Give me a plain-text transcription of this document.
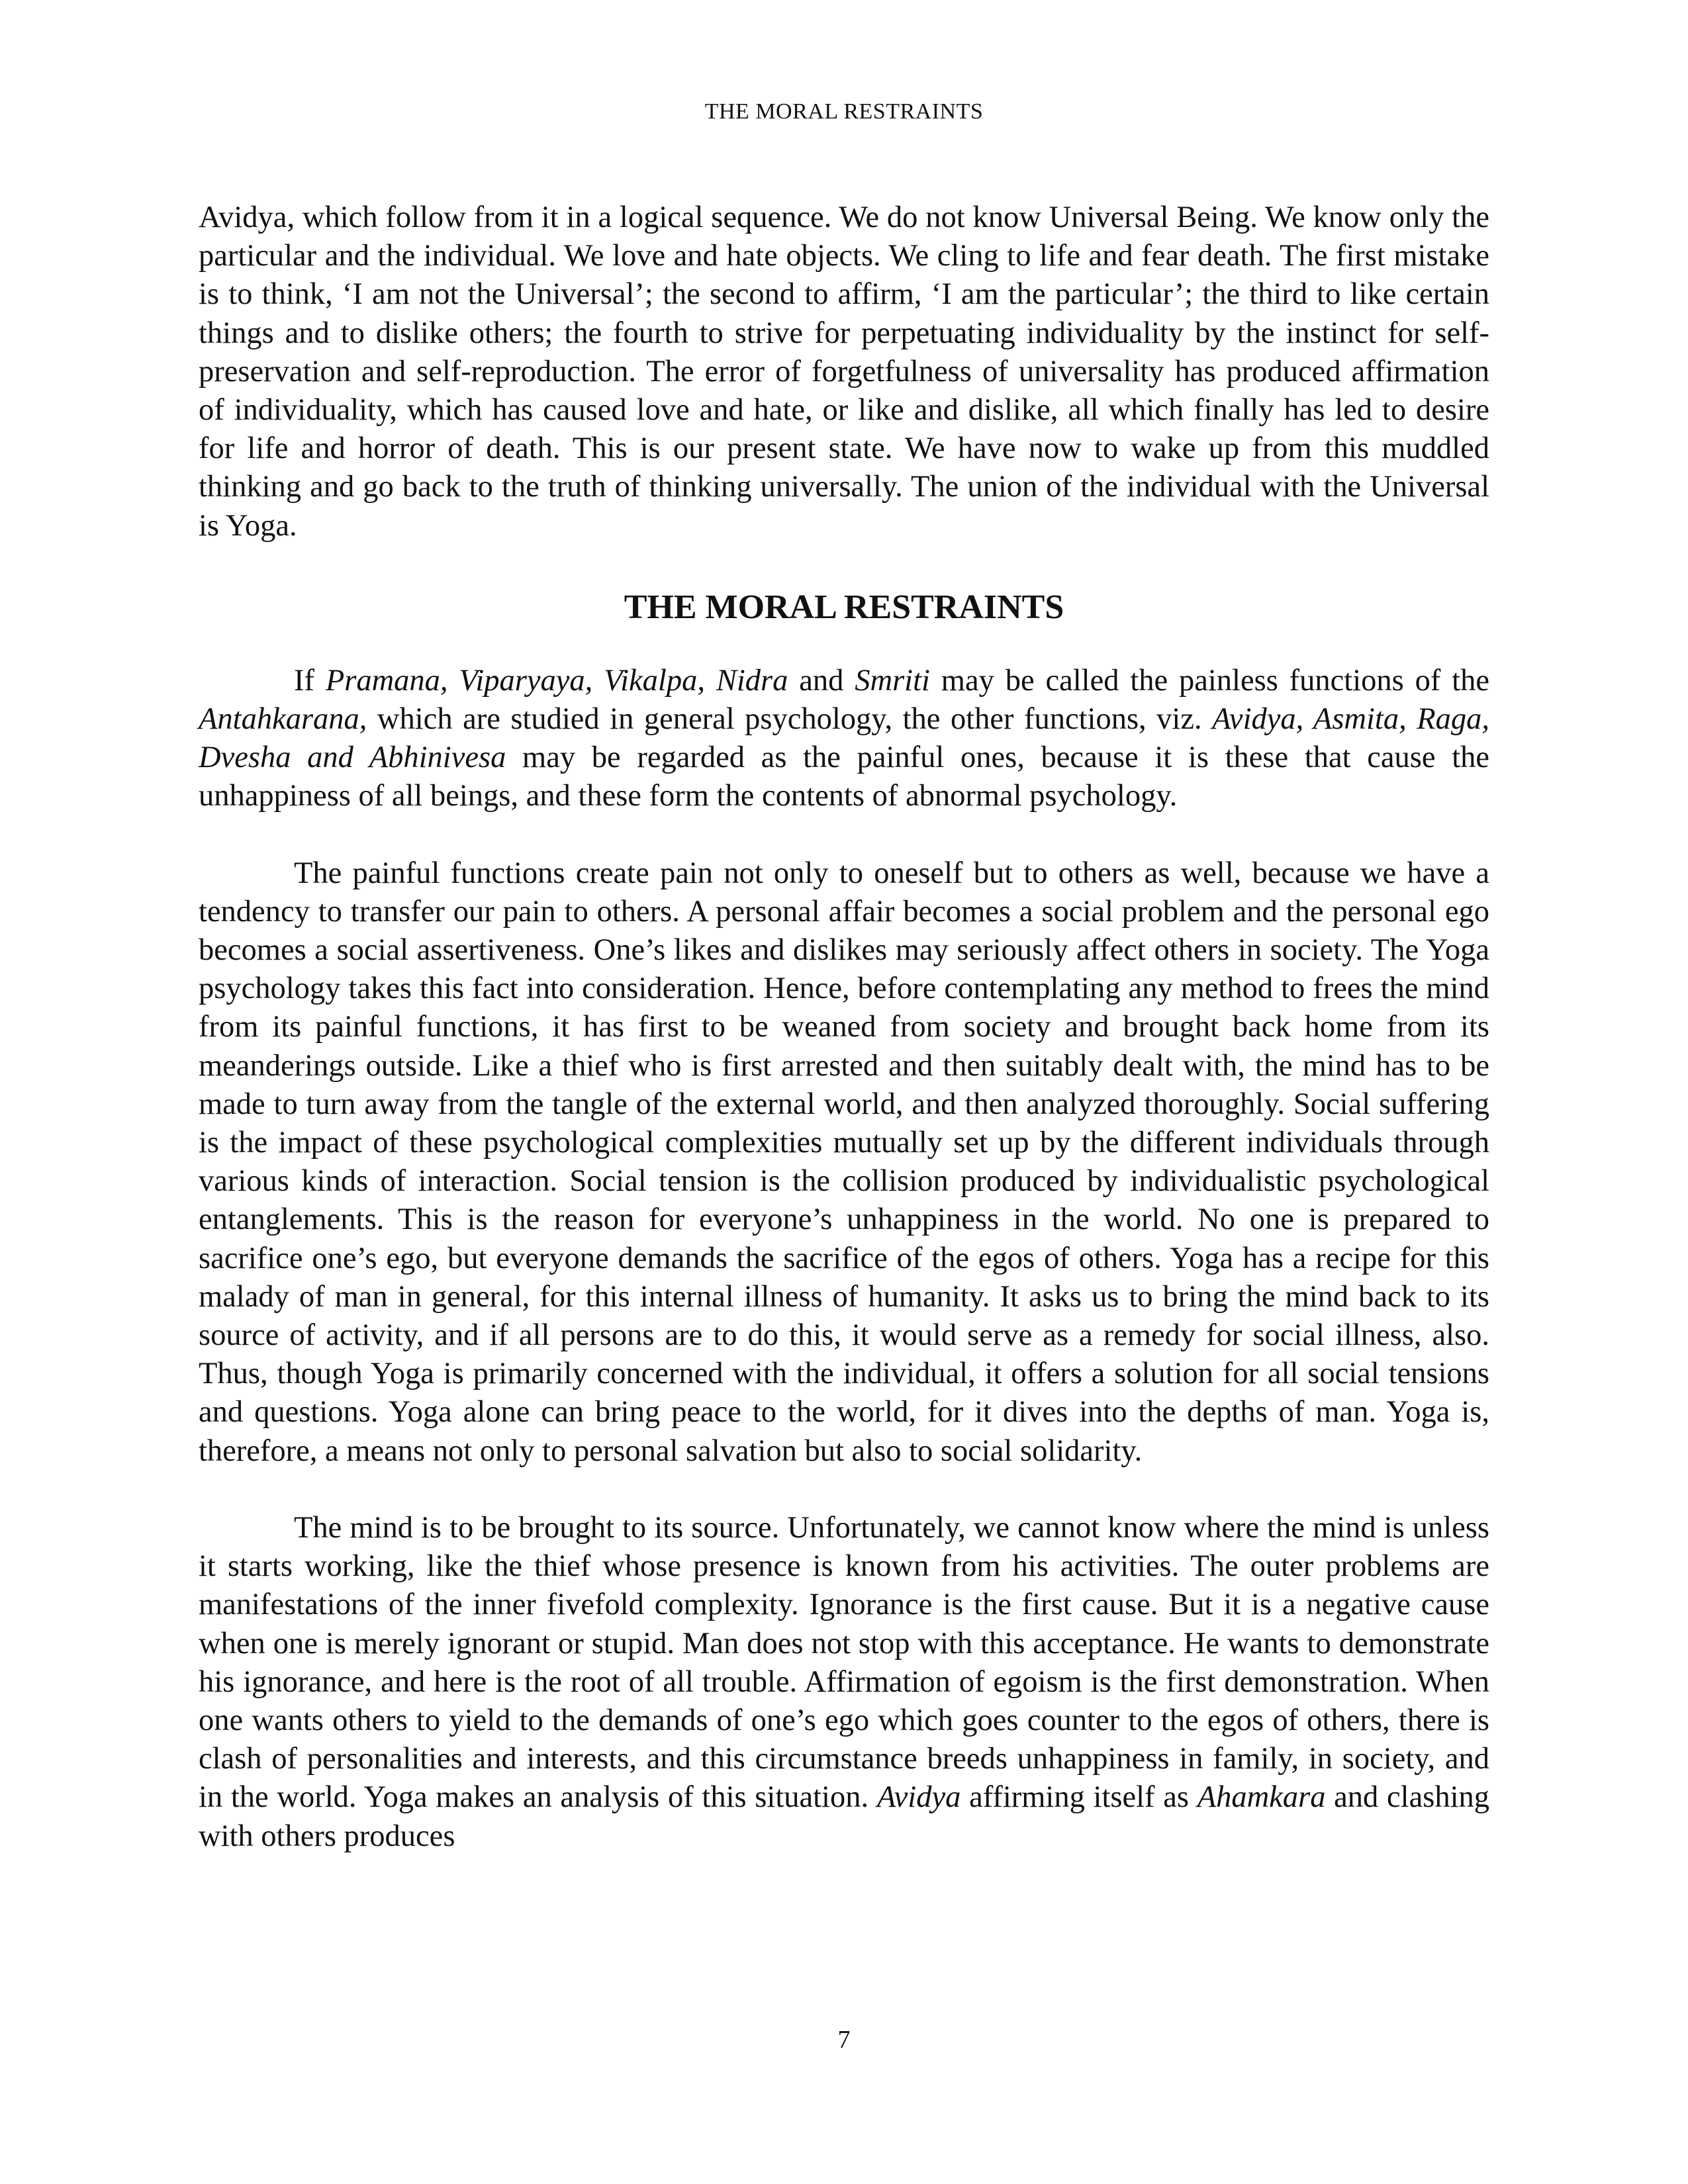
THE MORAL RESTRAINTS

Avidya, which follow from it in a logical sequence. We do not know Universal Being. We know only the particular and the individual. We love and hate objects. We cling to life and fear death. The first mistake is to think, ‘I am not the Universal’; the second to affirm, ‘I am the particular’; the third to like certain things and to dislike others; the fourth to strive for perpetuating individuality by the instinct for self-preservation and self-reproduction. The error of forgetfulness of universality has produced affirmation of individuality, which has caused love and hate, or like and dislike, all which finally has led to desire for life and horror of death. This is our present state. We have now to wake up from this muddled thinking and go back to the truth of thinking universally. The union of the individual with the Universal is Yoga.

THE MORAL RESTRAINTS

If Pramana, Viparyaya, Vikalpa, Nidra and Smriti may be called the painless functions of the Antahkarana, which are studied in general psychology, the other functions, viz. Avidya, Asmita, Raga, Dvesha and Abhinivesa may be regarded as the painful ones, because it is these that cause the unhappiness of all beings, and these form the contents of abnormal psychology.

The painful functions create pain not only to oneself but to others as well, because we have a tendency to transfer our pain to others. A personal affair becomes a social problem and the personal ego becomes a social assertiveness. One’s likes and dislikes may seriously affect others in society. The Yoga psychology takes this fact into consideration. Hence, before contemplating any method to frees the mind from its painful functions, it has first to be weaned from society and brought back home from its meanderings outside. Like a thief who is first arrested and then suitably dealt with, the mind has to be made to turn away from the tangle of the external world, and then analyzed thoroughly. Social suffering is the impact of these psychological complexities mutually set up by the different individuals through various kinds of interaction. Social tension is the collision produced by individualistic psychological entanglements. This is the reason for everyone’s unhappiness in the world. No one is prepared to sacrifice one’s ego, but everyone demands the sacrifice of the egos of others. Yoga has a recipe for this malady of man in general, for this internal illness of humanity. It asks us to bring the mind back to its source of activity, and if all persons are to do this, it would serve as a remedy for social illness, also. Thus, though Yoga is primarily concerned with the individual, it offers a solution for all social tensions and questions. Yoga alone can bring peace to the world, for it dives into the depths of man. Yoga is, therefore, a means not only to personal salvation but also to social solidarity.

The mind is to be brought to its source. Unfortunately, we cannot know where the mind is unless it starts working, like the thief whose presence is known from his activities. The outer problems are manifestations of the inner fivefold complexity. Ignorance is the first cause. But it is a negative cause when one is merely ignorant or stupid. Man does not stop with this acceptance. He wants to demonstrate his ignorance, and here is the root of all trouble. Affirmation of egoism is the first demonstration. When one wants others to yield to the demands of one’s ego which goes counter to the egos of others, there is clash of personalities and interests, and this circumstance breeds unhappiness in family, in society, and in the world. Yoga makes an analysis of this situation. Avidya affirming itself as Ahamkara and clashing with others produces

7
